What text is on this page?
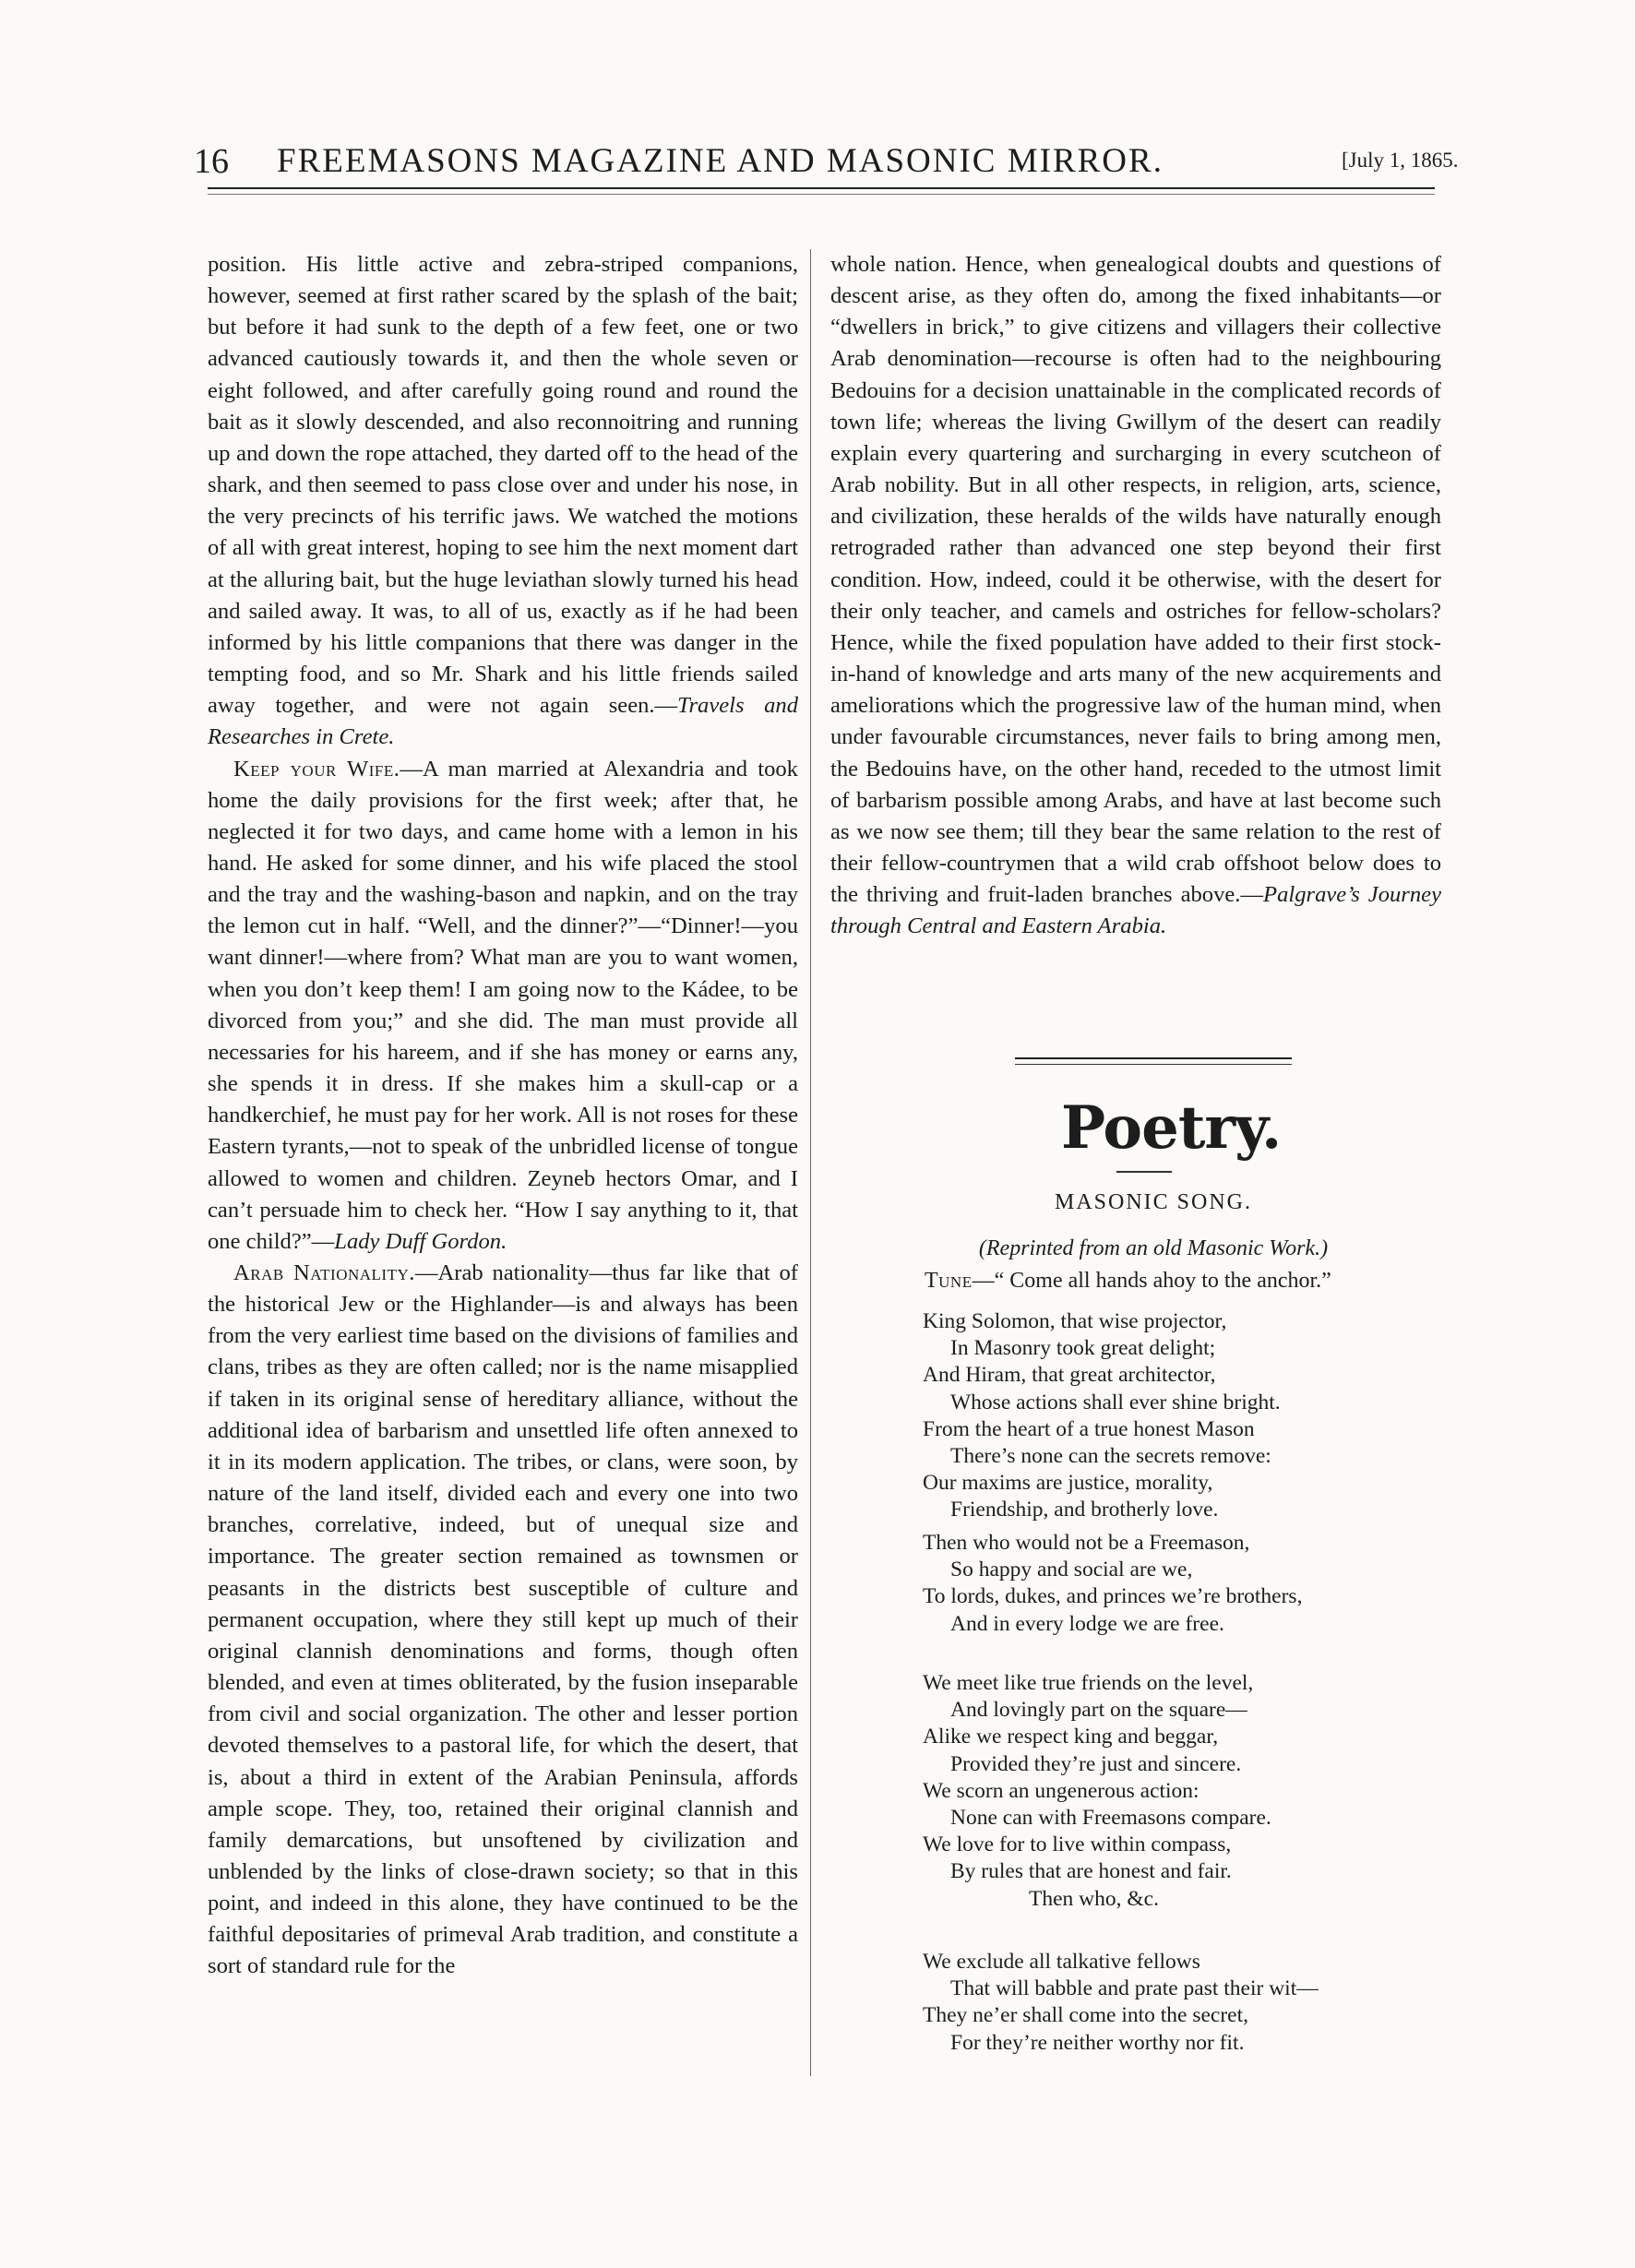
16 FREEMASONS MAGAZINE AND MASONIC MIRROR.	[July 1, 1865.

position. His little active and zebra-striped companions, however, seemed at first rather scared by the splash of the bait; but before it had sunk to the depth of a few feet, one or two advanced cautiously towards it, and then the whole seven or eight followed, and after carefully going round and round the bait as it slowly descended, and also reconnoitring and running up and down the rope attached, they darted off to the head of the shark, and then seemed to pass close over and under his nose, in the very precincts of his terrific jaws. We watched the motions of all with great interest, hoping to see him the next moment dart at the alluring bait, but the huge leviathan slowly turned his head and sailed away. It was, to all of us, exactly as if he had been informed by his little companions that there was danger in the tempting food, and so Mr. Shark and his little friends sailed away together, and were not again seen.—Travels and Researches in Crete.

Keep your Wife.—A man married at Alexandria and took home the daily provisions for the first week; after that, he neglected it for two days, and came home with a lemon in his hand. He asked for some dinner, and his wife placed the stool and the tray and the washing-bason and napkin, and on the tray the lemon cut in half. “Well, and the dinner?”—“Dinner!—you want dinner!—where from? What man are you to want women, when you don’t keep them! I am going now to the Kádee, to be divorced from you;” and she did. The man must provide all necessaries for his hareem, and if she has money or earns any, she spends it in dress. If she makes him a skull-cap or a handkerchief, he must pay for her work. All is not roses for these Eastern tyrants,—not to speak of the unbridled license of tongue allowed to women and children. Zeyneb hectors Omar, and I can’t persuade him to check her. “How I say anything to it, that one child?”—Lady Duff Gordon.

Arab Nationality.—Arab nationality—thus far like that of the historical Jew or the Highlander—is and always has been from the very earliest time based on the divisions of families and clans, tribes as they are often called; nor is the name misapplied if taken in its original sense of hereditary alliance, without the additional idea of barbarism and unsettled life often annexed to it in its modern application. The tribes, or clans, were soon, by nature of the land itself, divided each and every one into two branches, correlative, indeed, but of unequal size and importance. The greater section remained as townsmen or peasants in the districts best susceptible of culture and permanent occupation, where they still kept up much of their original clannish denominations and forms, though often blended, and even at times obliterated, by the fusion inseparable from civil and social organization. The other and lesser portion devoted themselves to a pastoral life, for which the desert, that is, about a third in extent of the Arabian Peninsula, affords ample scope. They, too, retained their original clannish and family demarcations, but unsoftened by civilization and unblended by the links of close-drawn society; so that in this point, and indeed in this alone, they have continued to be the faithful depositaries of primeval Arab tradition, and constitute a sort of standard rule for the

whole nation. Hence, when genealogical doubts and questions of descent arise, as they often do, among the fixed inhabitants—or “dwellers in brick,” to give citizens and villagers their collective Arab denomination—recourse is often had to the neighbouring Bedouins for a decision unattainable in the complicated records of town life; whereas the living Gwillym of the desert can readily explain every quartering and surcharging in every scutcheon of Arab nobility. But in all other respects, in religion, arts, science, and civilization, these heralds of the wilds have naturally enough retrograded rather than advanced one step beyond their first condition. How, indeed, could it be otherwise, with the desert for their only teacher, and camels and ostriches for fellow-scholars? Hence, while the fixed population have added to their first stock-in-hand of knowledge and arts many of the new acquirements and ameliorations which the progressive law of the human mind, when under favourable circumstances, never fails to bring among men, the Bedouins have, on the other hand, receded to the utmost limit of barbarism possible among Arabs, and have at last become such as we now see them; till they bear the same relation to the rest of their fellow-countrymen that a wild crab offshoot below does to the thriving and fruit-laden branches above.—Palgrave’s Journey through Central and Eastern Arabia.

Poetry.
MASONIC SONG.
(Reprinted from an old Masonic Work.)
Tune—“ Come all hands ahoy to the anchor.”
King Solomon, that wise projector,
In Masonry took great delight;
And Hiram, that great architector,
Whose actions shall ever shine bright.
From the heart of a true honest Mason
There’s none can the secrets remove:
Our maxims are justice, morality,
Friendship, and brotherly love.
Then who would not be a Freemason,
So happy and social are we,
To lords, dukes, and princes we’re brothers,
And in every lodge we are free.
We meet like true friends on the level,
And lovingly part on the square—
Alike we respect king and beggar,
Provided they’re just and sincere.
We scorn an ungenerous action:
None can with Freemasons compare.
We love for to live within compass,
By rules that are honest and fair.
Then who, &c.
We exclude all talkative fellows
That will babble and prate past their wit—
They ne’er shall come into the secret,
For they’re neither worthy nor fit.
